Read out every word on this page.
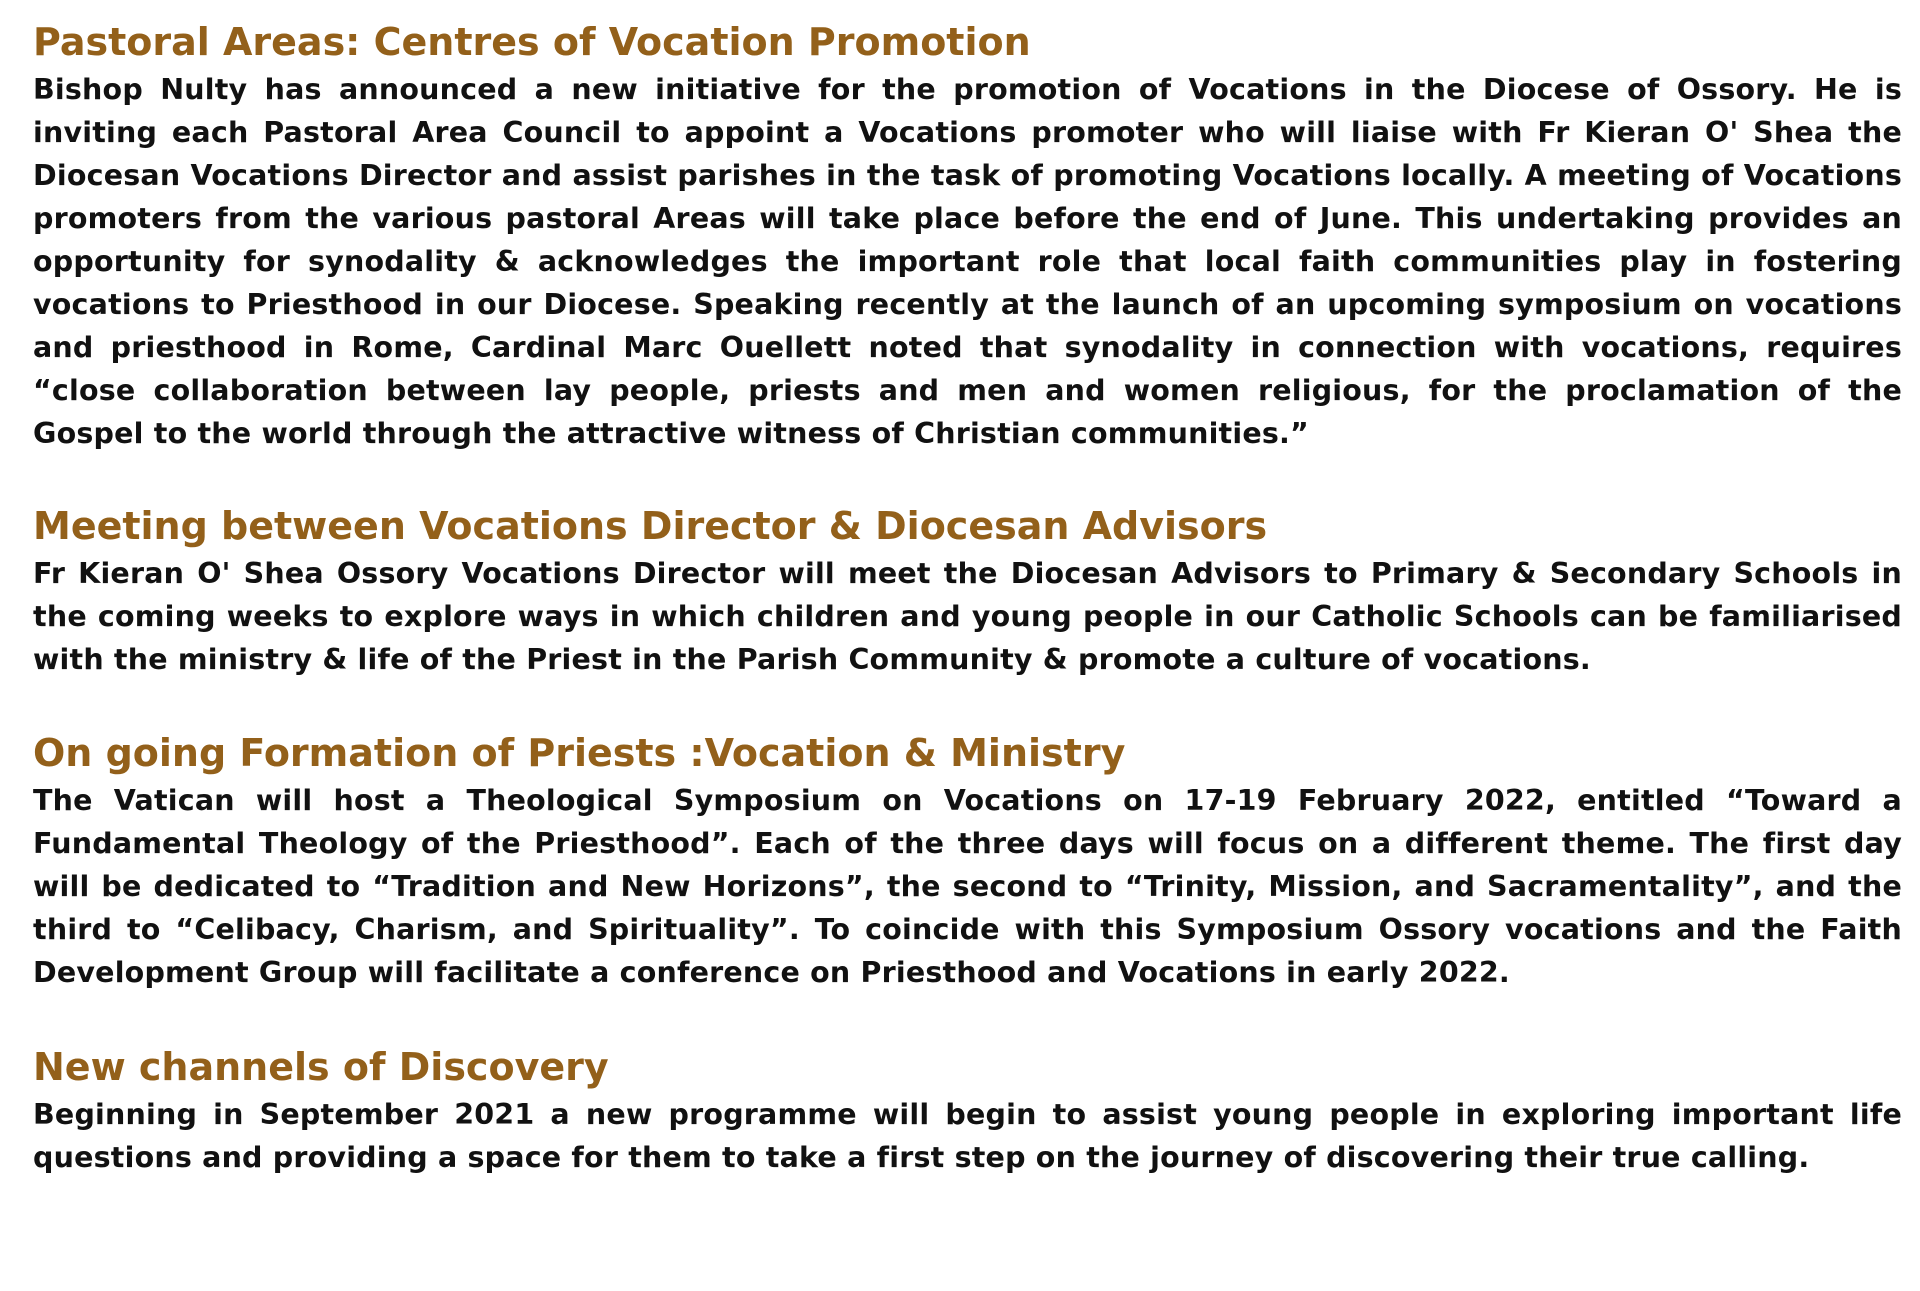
Pastoral Areas: Centres of Vocation Promotion

Bishop Nulty has announced a new initiative for the promotion of Vocations in the Diocese of Ossory. He is inviting each Pastoral Area Council to appoint a Vocations promoter who will liaise with Fr Kieran O' Shea the Diocesan Vocations Director and assist parishes in the task of promoting Vocations locally. A meeting of Vocations promoters from the various pastoral Areas will take place before the end of June. This undertaking provides an opportunity for synodality & acknowledges the important role that local faith communities play in fostering vocations to Priesthood in our Diocese. Speaking recently at the launch of an upcoming symposium on vocations and priesthood in Rome, Cardinal Marc Ouellett noted that synodality in connection with vocations, requires “close collaboration between lay people, priests and men and women religious, for the proclamation of the Gospel to the world through the attractive witness of Christian communities.”

Meeting between Vocations Director & Diocesan Advisors

Fr Kieran O' Shea Ossory Vocations Director will meet the Diocesan Advisors to Primary & Secondary Schools in the coming weeks to explore ways in which children and young people in our Catholic Schools can be familiarised with the ministry & life of the Priest in the Parish Community & promote a culture of vocations.

On going Formation of Priests :Vocation & Ministry

The Vatican will host a Theological Symposium on Vocations on 17-19 February 2022, entitled “Toward a Fundamental Theology of the Priesthood”. Each of the three days will focus on a different theme. The first day will be dedicated to “Tradition and New Horizons”, the second to “Trinity, Mission, and Sacramentality”, and the third to “Celibacy, Charism, and Spirituality”. To coincide with this Symposium Ossory vocations and the Faith Development Group will facilitate a conference on Priesthood and Vocations in early 2022.

New channels of Discovery

Beginning in September 2021 a new programme will begin to assist young people in exploring important life questions and providing a space for them to take a first step on the journey of discovering their true calling.
